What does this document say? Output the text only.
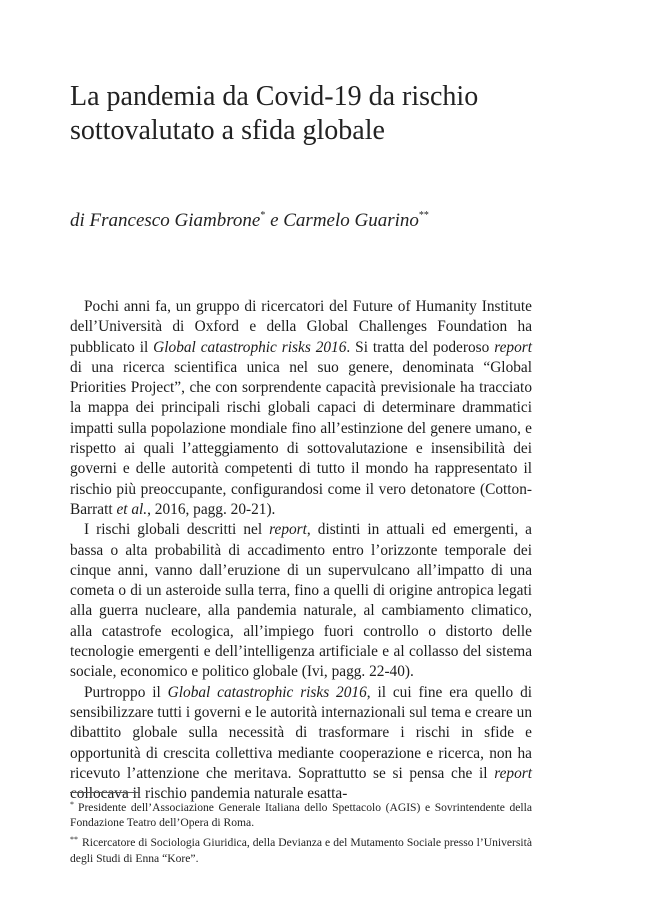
La pandemia da Covid-19 da rischio
sottovalutato a sfida globale
di Francesco Giambrone* e Carmelo Guarino**

Pochi anni fa, un gruppo di ricercatori del Future of Humanity Institute dell’Università di Oxford e della Global Challenges Foundation ha pubblicato il Global catastrophic risks 2016. Si tratta del poderoso report di una ricerca scientifica unica nel suo genere, denominata “Global Priorities Project”, che con sorprendente capacità previsionale ha tracciato la mappa dei principali rischi globali capaci di determinare drammatici impatti sulla popolazione mondiale fino all’estinzione del genere umano, e rispetto ai quali l’atteggiamento di sottovalutazione e insensibilità dei governi e delle autorità competenti di tutto il mondo ha rappresentato il rischio più preoccupante, configurandosi come il vero detonatore (Cotton-Barratt et al., 2016, pagg. 20-21).

I rischi globali descritti nel report, distinti in attuali ed emergenti, a bassa o alta probabilità di accadimento entro l’orizzonte temporale dei cinque anni, vanno dall’eruzione di un supervulcano all’impatto di una cometa o di un asteroide sulla terra, fino a quelli di origine antropica legati alla guerra nucleare, alla pandemia naturale, al cambiamento climatico, alla catastrofe ecologica, all’impiego fuori controllo o distorto delle tecnologie emergenti e dell’intelligenza artificiale e al collasso del sistema sociale, economico e politico globale (Ivi, pagg. 22-40).

Purtroppo il Global catastrophic risks 2016, il cui fine era quello di sensibilizzare tutti i governi e le autorità internazionali sul tema e creare un dibattito globale sulla necessità di trasformare i rischi in sfide e opportunità di crescita collettiva mediante cooperazione e ricerca, non ha ricevuto l’attenzione che meritava. Soprattutto se si pensa che il report collocava il rischio pandemia naturale esatta-

* Presidente dell’Associazione Generale Italiana dello Spettacolo (AGIS) e Sovrintendente della Fondazione Teatro dell’Opera di Roma.

** Ricercatore di Sociologia Giuridica, della Devianza e del Mutamento Sociale presso l’Università degli Studi di Enna “Kore”.
